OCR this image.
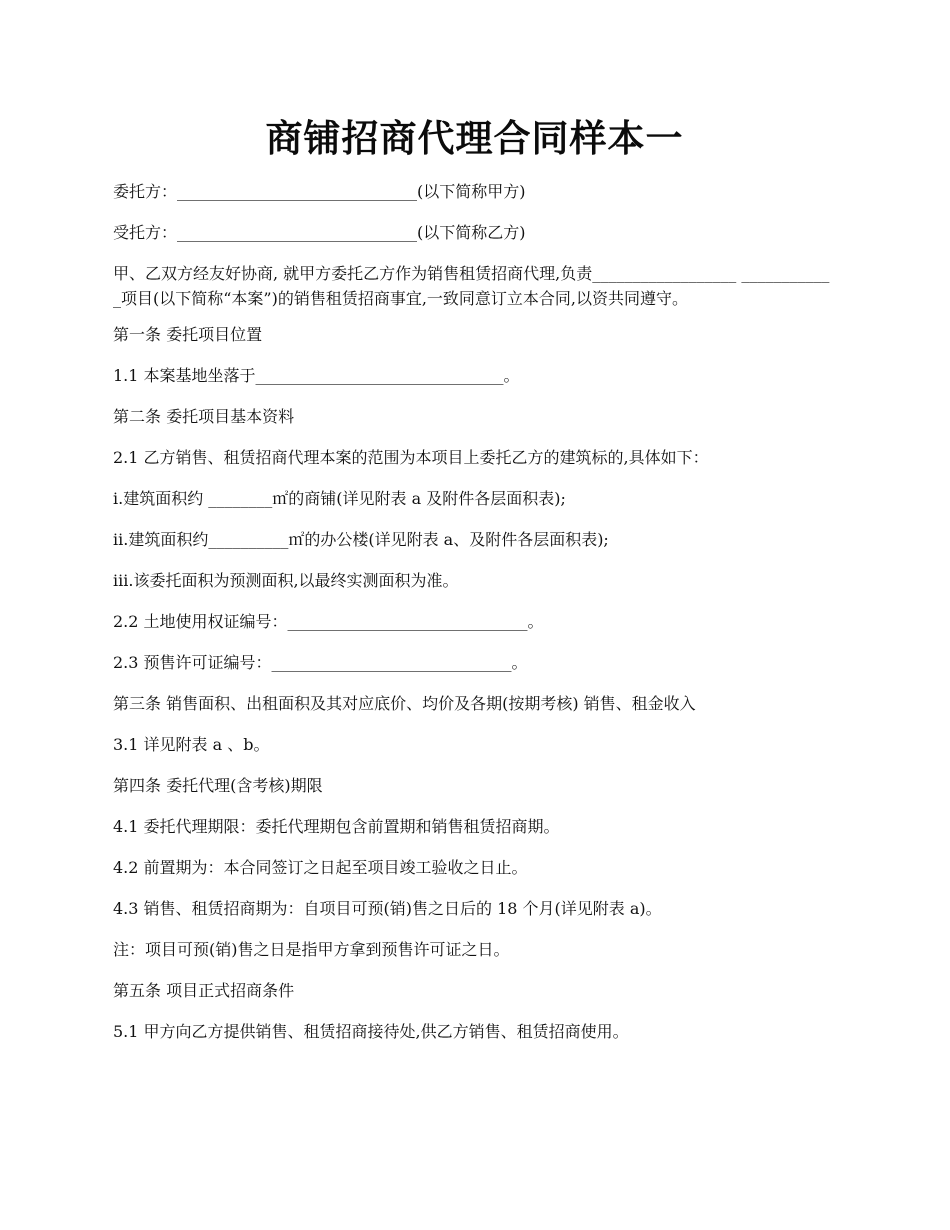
商铺招商代理合同样本一

委托方：______________________________(以下简称甲方)

受托方：______________________________(以下简称乙方)

甲、乙双方经友好协商, 就甲方委托乙方作为销售租赁招商代理,负责__________________ ____________项目(以下简称“本案”)的销售租赁招商事宜,一致同意订立本合同,以资共同遵守。

第一条 委托项目位置

1.1 本案基地坐落于_______________________________。

第二条 委托项目基本资料

2.1 乙方销售、租赁招商代理本案的范围为本项目上委托乙方的建筑标的,具体如下：

i.建筑面积约 ________㎡的商铺(详见附表 a 及附件各层面积表);

ii.建筑面积约__________㎡的办公楼(详见附表 a、及附件各层面积表);

iii.该委托面积为预测面积,以最终实测面积为准。

2.2 土地使用权证编号：______________________________。

2.3 预售许可证编号：______________________________。

第三条 销售面积、出租面积及其对应底价、均价及各期(按期考核) 销售、租金收入

3.1 详见附表 a 、b。

第四条 委托代理(含考核)期限

4.1 委托代理期限：委托代理期包含前置期和销售租赁招商期。

4.2 前置期为：本合同签订之日起至项目竣工验收之日止。

4.3 销售、租赁招商期为：自项目可预(销)售之日后的 18 个月(详见附表 a)。

注：项目可预(销)售之日是指甲方拿到预售许可证之日。

第五条 项目正式招商条件

5.1 甲方向乙方提供销售、租赁招商接待处,供乙方销售、租赁招商使用。
